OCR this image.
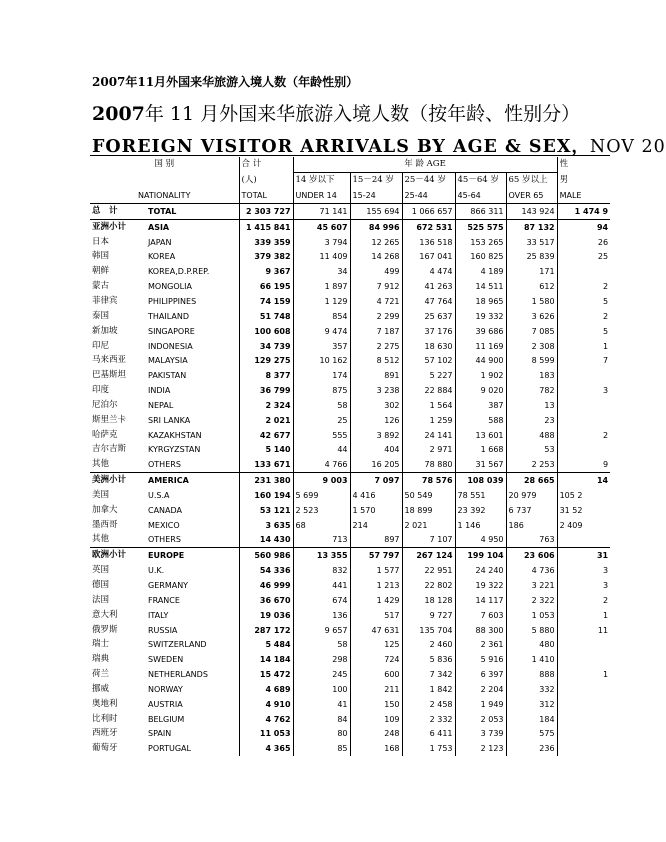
2007年11月外国来华旅游入境人数（年龄性别）
2007年 11 月外国来华旅游入境人数（按年龄、性别分）
FOREIGN VISITOR ARRIVALS BY AGE & SEX，NOV 20
国 别		合 计	年 龄 AGE					性
		(人)	14 岁以下	15－24 岁	25－44 岁	45－64 岁	65 岁以上	男
NATIONALITY		TOTAL	UNDER 14	15-24	25-44	45-64	OVER 65	MALE
总　计	TOTAL	2 303 727	71 141	155 694	1 066 657	866 311	143 924	1 474 9
亚洲小计	ASIA	1 415 841	45 607	84 996	672 531	525 575	87 132	94
日本	JAPAN	339 359	3 794	12 265	136 518	153 265	33 517	26
韩国	KOREA	379 382	11 409	14 268	167 041	160 825	25 839	25
朝鲜	KOREA,D.P.REP.	9 367	34	499	4 474	4 189	171	
蒙古	MONGOLIA	66 195	1 897	7 912	41 263	14 511	612	2
菲律宾	PHILIPPINES	74 159	1 129	4 721	47 764	18 965	1 580	5
泰国	THAILAND	51 748	854	2 299	25 637	19 332	3 626	2
新加坡	SINGAPORE	100 608	9 474	7 187	37 176	39 686	7 085	5
印尼	INDONESIA	34 739	357	2 275	18 630	11 169	2 308	1
马来西亚	MALAYSIA	129 275	10 162	8 512	57 102	44 900	8 599	7
巴基斯坦	PAKISTAN	8 377	174	891	5 227	1 902	183	
印度	INDIA	36 799	875	3 238	22 884	9 020	782	3
尼泊尔	NEPAL	2 324	58	302	1 564	387	13	
斯里兰卡	SRI LANKA	2 021	25	126	1 259	588	23	
哈萨克	KAZAKHSTAN	42 677	555	3 892	24 141	13 601	488	2
吉尔吉斯	KYRGYZSTAN	5 140	44	404	2 971	1 668	53	
其他	OTHERS	133 671	4 766	16 205	78 880	31 567	2 253	9
美洲小计	AMERICA	231 380	9 003	7 097	78 576	108 039	28 665	14
美国	U.S.A	160 194	5 699	4 416	50 549	78 551	20 979	105 2
加拿大	CANADA	53 121	2 523	1 570	18 899	23 392	6 737	31 52
墨西哥	MEXICO	3 635	68	214	2 021	1 146	186	2 409
其他	OTHERS	14 430	713	897	7 107	4 950	763	
欧洲小计	EUROPE	560 986	13 355	57 797	267 124	199 104	23 606	31
英国	U.K.	54 336	832	1 577	22 951	24 240	4 736	3
德国	GERMANY	46 999	441	1 213	22 802	19 322	3 221	3
法国	FRANCE	36 670	674	1 429	18 128	14 117	2 322	2
意大利	ITALY	19 036	136	517	9 727	7 603	1 053	1
俄罗斯	RUSSIA	287 172	9 657	47 631	135 704	88 300	5 880	11
瑞士	SWITZERLAND	5 484	58	125	2 460	2 361	480	
瑞典	SWEDEN	14 184	298	724	5 836	5 916	1 410	
荷兰	NETHERLANDS	15 472	245	600	7 342	6 397	888	1
挪威	NORWAY	4 689	100	211	1 842	2 204	332	
奥地利	AUSTRIA	4 910	41	150	2 458	1 949	312	
比利时	BELGIUM	4 762	84	109	2 332	2 053	184	
西班牙	SPAIN	11 053	80	248	6 411	3 739	575	
葡萄牙	PORTUGAL	4 365	85	168	1 753	2 123	236	
